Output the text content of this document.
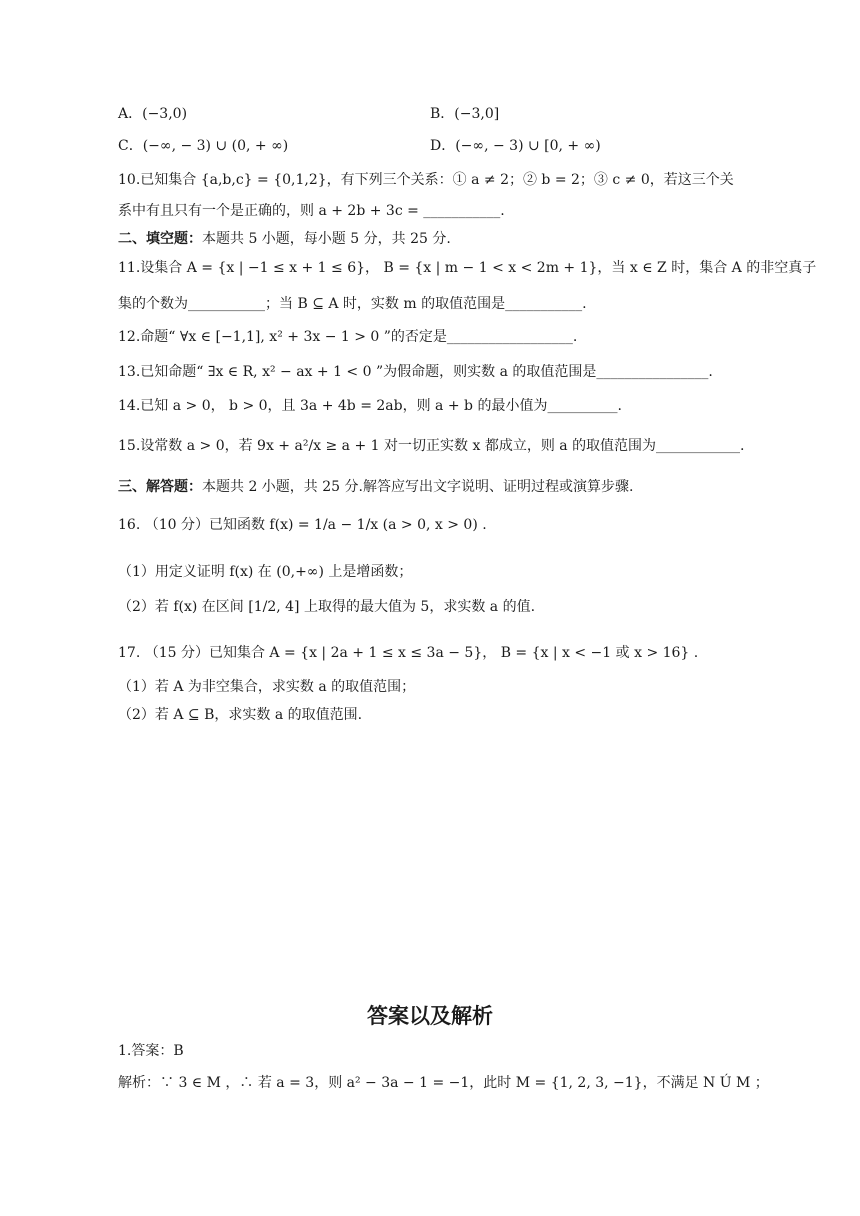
A．(−3,0)	B．(−3,0]
C．(−∞, − 3) ∪ (0, + ∞)	D．(−∞, − 3) ∪ [0, + ∞)
10.已知集合 {a,b,c} = {0,1,2}，有下列三个关系：① a ≠ 2；② b = 2；③ c ≠ 0，若这三个关
系中有且只有一个是正确的，则 a + 2b + 3c = ___________.
二、填空题：本题共 5 小题，每小题 5 分，共 25 分.
11.设集合 A = {x | −1 ≤ x + 1 ≤ 6}， B = {x | m − 1 < x < 2m + 1}，当 x ∈ Z 时，集合 A 的非空真子
集的个数为___________；当 B ⊆ A 时，实数 m 的取值范围是___________.
12.命题“ ∀x ∈ [−1,1], x² + 3x − 1 > 0 ”的否定是__________________.
13.已知命题“ ∃x ∈ R, x² − ax + 1 < 0 ”为假命题，则实数 a 的取值范围是________________.
14.已知 a > 0， b > 0，且 3a + 4b = 2ab，则 a + b 的最小值为__________.
15.设常数 a > 0，若 9x + a²/x ≥ a + 1 对一切正实数 x 都成立，则 a 的取值范围为____________.
三、解答题：本题共 2 小题，共 25 分.解答应写出文字说明、证明过程或演算步骤.
16. （10 分）已知函数 f(x) = 1/a − 1/x (a > 0, x > 0) .
（1）用定义证明 f(x) 在 (0,+∞) 上是增函数；
（2）若 f(x) 在区间 [1/2, 4] 上取得的最大值为 5，求实数 a 的值.
17. （15 分）已知集合 A = {x | 2a + 1 ≤ x ≤ 3a − 5}， B = {x | x < −1 或 x > 16} .
（1）若 A 为非空集合，求实数 a 的取值范围；
（2）若 A ⊆ B，求实数 a 的取值范围.
答案以及解析
1.答案：B
解析：∵ 3 ∈ M ，∴ 若 a = 3，则 a² − 3a − 1 = −1，此时 M = {1, 2, 3, −1}，不满足 N Ú M ；
